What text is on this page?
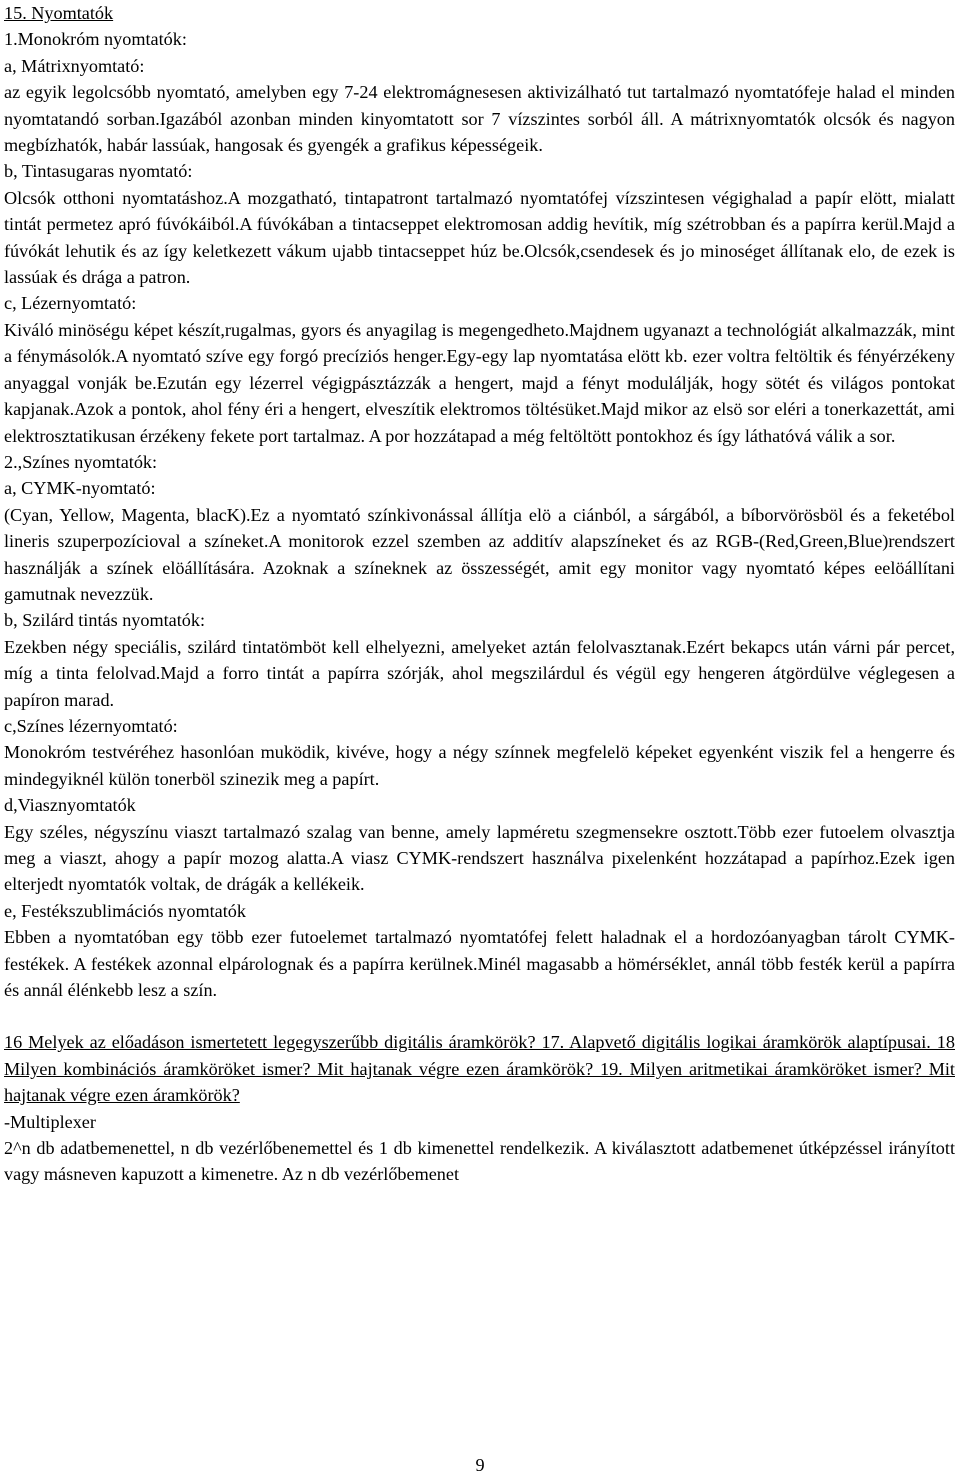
15. Nyomtatók

1.Monokróm nyomtatók:

a, Mátrixnyomtató:

az egyik legolcsóbb nyomtató, amelyben egy 7-24 elektromágnesesen aktivizálható tut tartalmazó nyomtatófeje halad el minden nyomtatandó sorban.Igazából azonban minden kinyomtatott sor 7 vízszintes sorból áll. A mátrixnyomtatók olcsók és nagyon megbízhatók, habár lassúak, hangosak és gyengék a grafikus képességeik.

b, Tintasugaras nyomtató:

Olcsók otthoni nyomtatáshoz.A mozgatható, tintapatront tartalmazó nyomtatófej vízszintesen végighalad a papír elött, mialatt tintát permetez apró fúvókáiból.A fúvókában a tintacseppet elektromosan addig hevítik, míg szétrobban és a papírra kerül.Majd a fúvókát lehutik és az így keletkezett vákum ujabb tintacseppet húz be.Olcsók,csendesek és jo minoséget állítanak elo, de ezek is lassúak és drága a patron.

c, Lézernyomtató:

Kiváló minöségu képet készít,rugalmas, gyors és anyagilag is megengedheto.Majdnem ugyanazt a technológiát alkalmazzák, mint a fénymásolók.A nyomtató szíve egy forgó precíziós henger.Egy-egy lap nyomtatása elött kb. ezer voltra feltöltik és fényérzékeny anyaggal vonják be.Ezután egy lézerrel végigpásztázzák a hengert, majd a fényt modulálják, hogy sötét és világos pontokat kapjanak.Azok a pontok, ahol fény éri a hengert, elveszítik elektromos töltésüket.Majd mikor az elsö sor eléri a tonerkazettát, ami elektrosztatikusan érzékeny fekete port tartalmaz. A por hozzátapad a még feltöltött pontokhoz és így láthatóvá válik a sor.

2.,Színes nyomtatók:

a, CYMK-nyomtató:

(Cyan, Yellow, Magenta, blacK).Ez a nyomtató színkivonással állítja elö a ciánból, a sárgából, a bíborvörösböl és a feketébol lineris szuperpozícioval a színeket.A monitorok ezzel szemben az additív alapszíneket és az RGB-(Red,Green,Blue)rendszert használják a színek elöállítására. Azoknak a színeknek az összességét, amit egy monitor vagy nyomtató képes eelöállítani gamutnak nevezzük.

b, Szilárd tintás nyomtatók:

Ezekben négy speciális, szilárd tintatömböt kell elhelyezni, amelyeket aztán felolvasztanak.Ezért bekapcs után várni pár percet, míg a tinta felolvad.Majd a forro tintát a papírra szórják, ahol megszilárdul és végül egy hengeren átgördülve véglegesen a papíron marad.

c,Színes lézernyomtató:

Monokróm testvéréhez hasonlóan muködik, kivéve, hogy a négy színnek megfelelö képeket egyenként viszik fel a hengerre és mindegyiknél külön tonerböl szinezik meg a papírt.

d,Viasznyomtatók

Egy széles, négyszínu viaszt tartalmazó szalag van benne, amely lapméretu szegmensekre osztott.Több ezer futoelem olvasztja meg a viaszt, ahogy a papír mozog alatta.A viasz CYMK-rendszert használva pixelenként hozzátapad a papírhoz.Ezek igen elterjedt nyomtatók voltak, de drágák a kellékeik.

e, Festékszublimációs nyomtatók

Ebben a nyomtatóban egy több ezer futoelemet tartalmazó nyomtatófej felett haladnak el a hordozóanyagban tárolt CYMK-festékek. A festékek azonnal elpárolognak és a papírra kerülnek.Minél magasabb a hömérséklet, annál több festék kerül a papírra és annál élénkebb lesz a szín.

16 Melyek az előadáson ismertetett legegyszerűbb digitális áramkörök? 17. Alapvető digitális logikai áramkörök alaptípusai. 18 Milyen kombinációs áramköröket ismer? Mit hajtanak végre ezen áramkörök? 19. Milyen aritmetikai áramköröket ismer? Mit hajtanak végre ezen áramkörök?

-Multiplexer

2^n db adatbemenettel, n db vezérlőbenemettel és 1 db kimenettel rendelkezik. A kiválasztott adatbemenet útképzéssel irányított vagy másneven kapuzott a kimenetre. Az n db vezérlőbemenet

9
